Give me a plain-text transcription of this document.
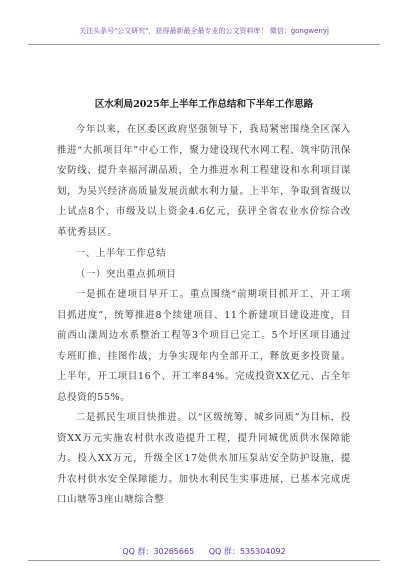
关注头条号"公文研究"，获得最新最全最专业的公文资料库！ 微信：gongwenyj
区水利局2025年上半年工作总结和下半年工作思路

今年以来，在区委区政府坚强领导下，我局紧密围绕全区深入推进“大抓项目年”中心工作，聚力建设现代水网工程、筑牢防汛保安防线、提升幸福河湖品质，全力推进水利工程建设和水利项目谋划，为吴兴经济高质量发展贡献水利力量。上半年，争取到省级以上试点8个、市级及以上资金4.6亿元，获评全省农业水价综合改革优秀县区。

一、上半年工作总结

（一）突出重点抓项目

一是抓在建项目早开工。重点围绕“前期项目抓开工、开工项目抓进度”，统筹推进8个续建项目、11个新建项目建设进度，目前西山漾周边水系整治工程等3个项目已完工。5个圩区项目通过专班盯推、挂图作战，力争实现年内全部开工，释放更多投资量。上半年，开工项目16个、开工率84%。完成投资XX亿元、占全年总投资的55%。

二是抓民生项目快推进。以“区级统筹、城乡同质”为目标，投资XX万元实施农村供水改造提升工程，提升同城优质供水保障能力。投入XX万元，升级全区17处供水加压泵站安全防护设施，提升农村供水安全保障能力。加快水利民生实事进展，已基本完成虎口山塘等3座山塘综合整

QQ 群：30265665 QQ 群：535304092
